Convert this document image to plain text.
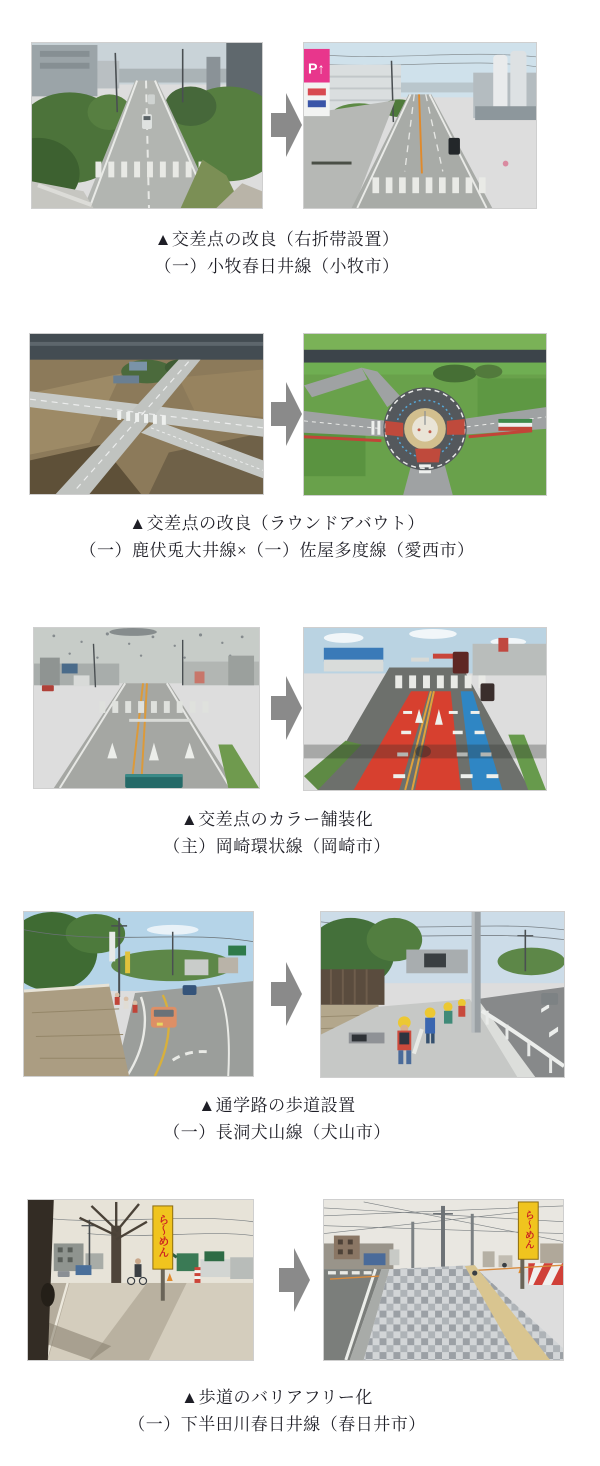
P↑
▲交差点の改良（右折帯設置）
（一）小牧春日井線（小牧市）
▲交差点の改良（ラウンドアバウト）
（一）鹿伏兎大井線×（一）佐屋多度線（愛西市）
▲交差点のカラー舗装化
（主）岡崎環状線（岡崎市）
▲通学路の歩道設置
（一）長洞犬山線（犬山市）
ら〜めん	ら〜めん
▲歩道のバリアフリー化
（一）下半田川春日井線（春日井市）
